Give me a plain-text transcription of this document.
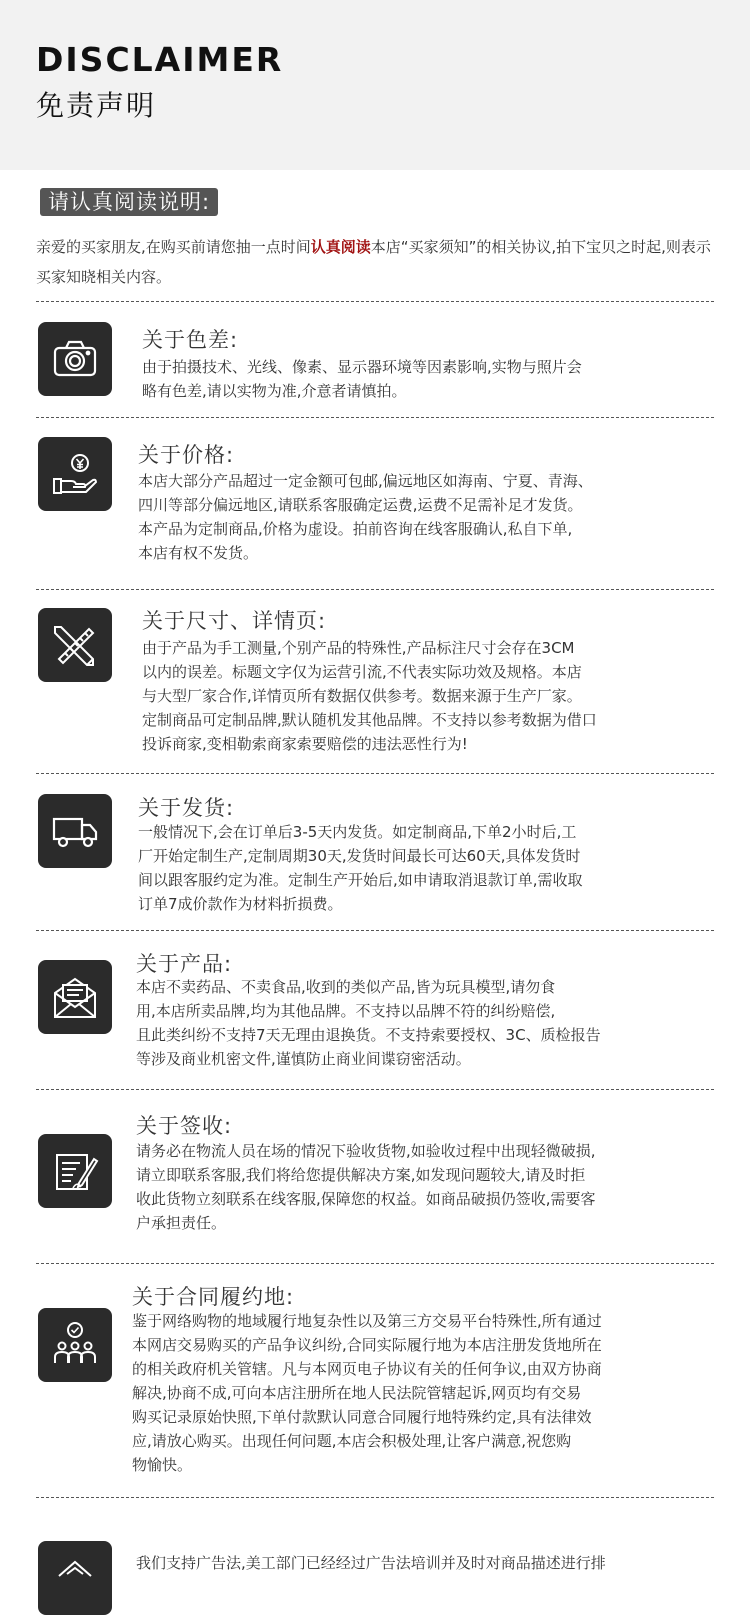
DISCLAIMER
免责声明
请认真阅读说明:
亲爱的买家朋友,在购买前请您抽一点时间认真阅读本店“买家须知”的相关协议,拍下宝贝之时起,则表示买家知晓相关内容。
关于色差:
由于拍摄技术、光线、像素、显示器环境等因素影响,实物与照片会
略有色差,请以实物为准,介意者请慎拍。
关于价格:
本店大部分产品超过一定金额可包邮,偏远地区如海南、宁夏、青海、
四川等部分偏远地区,请联系客服确定运费,运费不足需补足才发货。
本产品为定制商品,价格为虚设。拍前咨询在线客服确认,私自下单,
本店有权不发货。
关于尺寸、详情页:
由于产品为手工测量,个别产品的特殊性,产品标注尺寸会存在3CM
以内的误差。标题文字仅为运营引流,不代表实际功效及规格。本店
与大型厂家合作,详情页所有数据仅供参考。数据来源于生产厂家。
定制商品可定制品牌,默认随机发其他品牌。不支持以参考数据为借口
投诉商家,变相勒索商家索要赔偿的违法恶性行为!
关于发货:
一般情况下,会在订单后3-5天内发货。如定制商品,下单2小时后,工
厂开始定制生产,定制周期30天,发货时间最长可达60天,具体发货时
间以跟客服约定为准。定制生产开始后,如申请取消退款订单,需收取
订单7成价款作为材料折损费。
关于产品:
本店不卖药品、不卖食品,收到的类似产品,皆为玩具模型,请勿食
用,本店所卖品牌,均为其他品牌。不支持以品牌不符的纠纷赔偿,
且此类纠纷不支持7天无理由退换货。不支持索要授权、3C、质检报告
等涉及商业机密文件,谨慎防止商业间谍窃密活动。
关于签收:
请务必在物流人员在场的情况下验收货物,如验收过程中出现轻微破损,
请立即联系客服,我们将给您提供解决方案,如发现问题较大,请及时拒
收此货物立刻联系在线客服,保障您的权益。如商品破损仍签收,需要客
户承担责任。
关于合同履约地:
鉴于网络购物的地域履行地复杂性以及第三方交易平台特殊性,所有通过
本网店交易购买的产品争议纠纷,合同实际履行地为本店注册发货地所在
的相关政府机关管辖。凡与本网页电子协议有关的任何争议,由双方协商
解决,协商不成,可向本店注册所在地人民法院管辖起诉,网页均有交易
购买记录原始快照,下单付款默认同意合同履行地特殊约定,具有法律效
应,请放心购买。出现任何问题,本店会积极处理,让客户满意,祝您购
物愉快。
我们支持广告法,美工部门已经经过广告法培训并及时对商品描述进行排
